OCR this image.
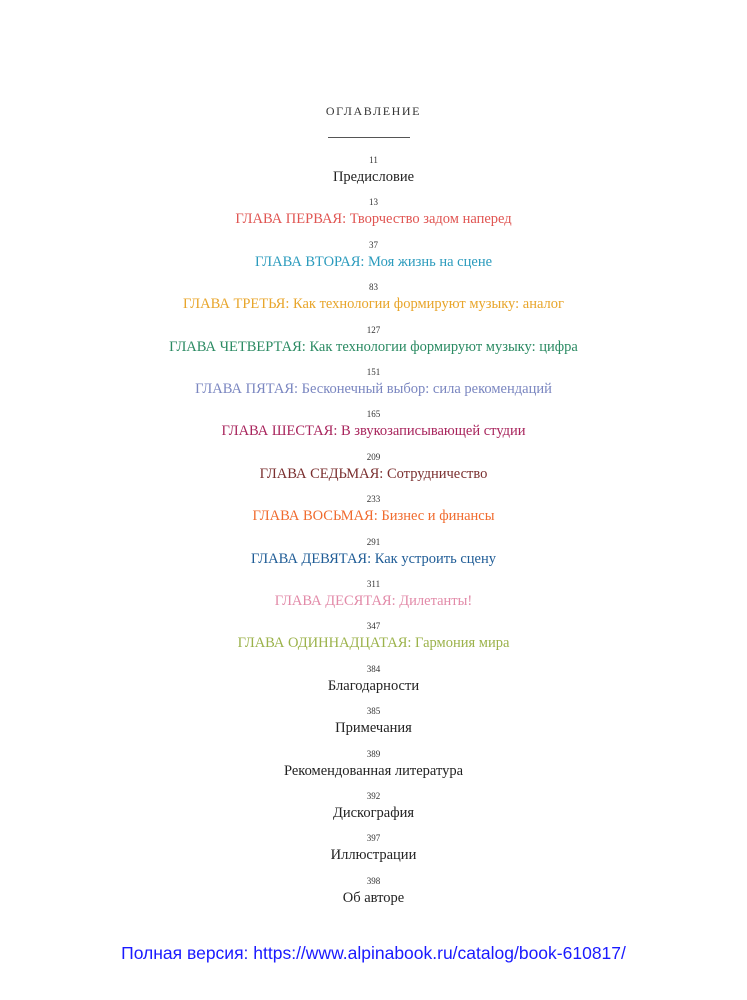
ОГЛАВЛЕНИЕ
11
Предисловие
13
ГЛАВА ПЕРВАЯ: Творчество задом наперед
37
ГЛАВА ВТОРАЯ: Моя жизнь на сцене
83
ГЛАВА ТРЕТЬЯ: Как технологии формируют музыку: аналог
127
ГЛАВА ЧЕТВЕРТАЯ: Как технологии формируют музыку: цифра
151
ГЛАВА ПЯТАЯ: Бесконечный выбор: сила рекомендаций
165
ГЛАВА ШЕСТАЯ: В звукозаписывающей студии
209
ГЛАВА СЕДЬМАЯ: Сотрудничество
233
ГЛАВА ВОСЬМАЯ: Бизнес и финансы
291
ГЛАВА ДЕВЯТАЯ: Как устроить сцену
311
ГЛАВА ДЕСЯТАЯ: Дилетанты!
347
ГЛАВА ОДИННАДЦАТАЯ: Гармония мира
384
Благодарности
385
Примечания
389
Рекомендованная литература
392
Дискография
397
Иллюстрации
398
Об авторе
Полная версия: https://www.alpinabook.ru/catalog/book-610817/
